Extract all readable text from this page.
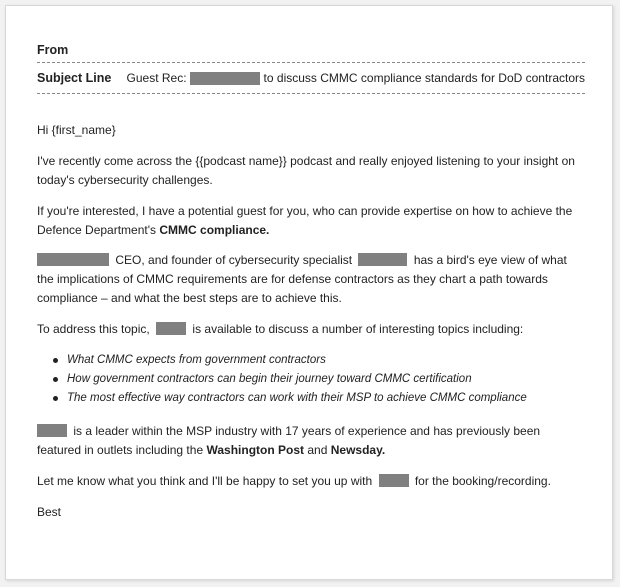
From
Subject Line	Guest Rec:	to discuss CMMC compliance standards for DoD contractors

Hi {first_name}

I've recently come across the {{podcast name}} podcast and really enjoyed listening to your insight on today's cybersecurity challenges.

If you're interested, I have a potential guest for you, who can provide expertise on how to achieve the Defence Department's CMMC compliance.

CEO, and founder of cybersecurity specialist	has a bird's eye view of what the implications of CMMC requirements are for defense contractors as they chart a path towards compliance – and what the best steps are to achieve this.

To address this topic,	is available to discuss a number of interesting topics including:

What CMMC expects from government contractors
How government contractors can begin their journey toward CMMC certification
The most effective way contractors can work with their MSP to achieve CMMC compliance

is a leader within the MSP industry with 17 years of experience and has previously been featured in outlets including the Washington Post and Newsday.

Let me know what you think and I'll be happy to set you up with	for the booking/recording.

Best
